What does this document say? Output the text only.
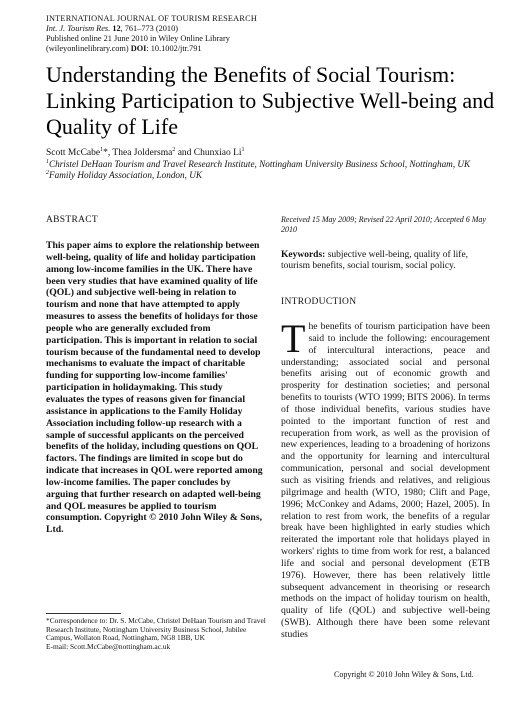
INTERNATIONAL JOURNAL OF TOURISM RESEARCH
Int. J. Tourism Res. 12, 761–773 (2010)
Published online 21 June 2010 in Wiley Online Library
(wileyonlinelibrary.com) DOI: 10.1002/jtr.791
Understanding the Benefits of Social Tourism: Linking Participation to Subjective Well-being and Quality of Life
Scott McCabe$^1$*, Thea Joldersma$^2$ and Chunxiao Li$^1$
$^1$Christel DeHaan Tourism and Travel Research Institute, Nottingham University Business School, Nottingham, UK
$^2$Family Holiday Association, London, UK
ABSTRACT

This paper aims to explore the relationship between well-being, quality of life and holiday participation among low-income families in the UK. There have been very studies that have examined quality of life (QOL) and subjective well-being in relation to tourism and none that have attempted to apply measures to assess the benefits of holidays for those people who are generally excluded from participation. This is important in relation to social tourism because of the fundamental need to develop mechanisms to evaluate the impact of charitable funding for supporting low-income families' participation in holidaymaking. This study evaluates the types of reasons given for financial assistance in applications to the Family Holiday Association including follow-up research with a sample of successful applicants on the perceived benefits of the holiday, including questions on QOL factors. The findings are limited in scope but do indicate that increases in QOL were reported among low-income families. The paper concludes by arguing that further research on adapted well-being and QOL measures be applied to tourism consumption. Copyright © 2010 John Wiley & Sons, Ltd.

*Correspondence to: Dr. S. McCabe, Christel DeHaan Tourism and Travel Research Institute, Nottingham University Business School, Jubilee Campus, Wollaton Road, Nottingham, NG8 1BB, UK
E-mail: Scott.McCabe@nottingham.ac.uk
Received 15 May 2009; Revised 22 April 2010; Accepted 6 May 2010
Keywords: subjective well-being, quality of life, tourism benefits, social tourism, social policy.
INTRODUCTION

The benefits of tourism participation have been said to include the following: encouragement of intercultural interactions, peace and understanding; associated social and personal benefits arising out of economic growth and prosperity for destination societies; and personal benefits to tourists (WTO 1999; BITS 2006). In terms of those individual benefits, various studies have pointed to the important function of rest and recuperation from work, as well as the provision of new experiences, leading to a broadening of horizons and the opportunity for learning and intercultural communication, personal and social development such as visiting friends and relatives, and religious pilgrimage and health (WTO, 1980; Clift and Page, 1996; McConkey and Adams, 2000; Hazel, 2005). In relation to rest from work, the benefits of a regular break have been highlighted in early studies which reiterated the important role that holidays played in workers' rights to time from work for rest, a balanced life and social and personal development (ETB 1976). However, there has been relatively little subsequent advancement in theorising or research methods on the impact of holiday tourism on health, quality of life (QOL) and subjective well-being (SWB). Although there have been some relevant studies

Copyright © 2010 John Wiley & Sons, Ltd.
